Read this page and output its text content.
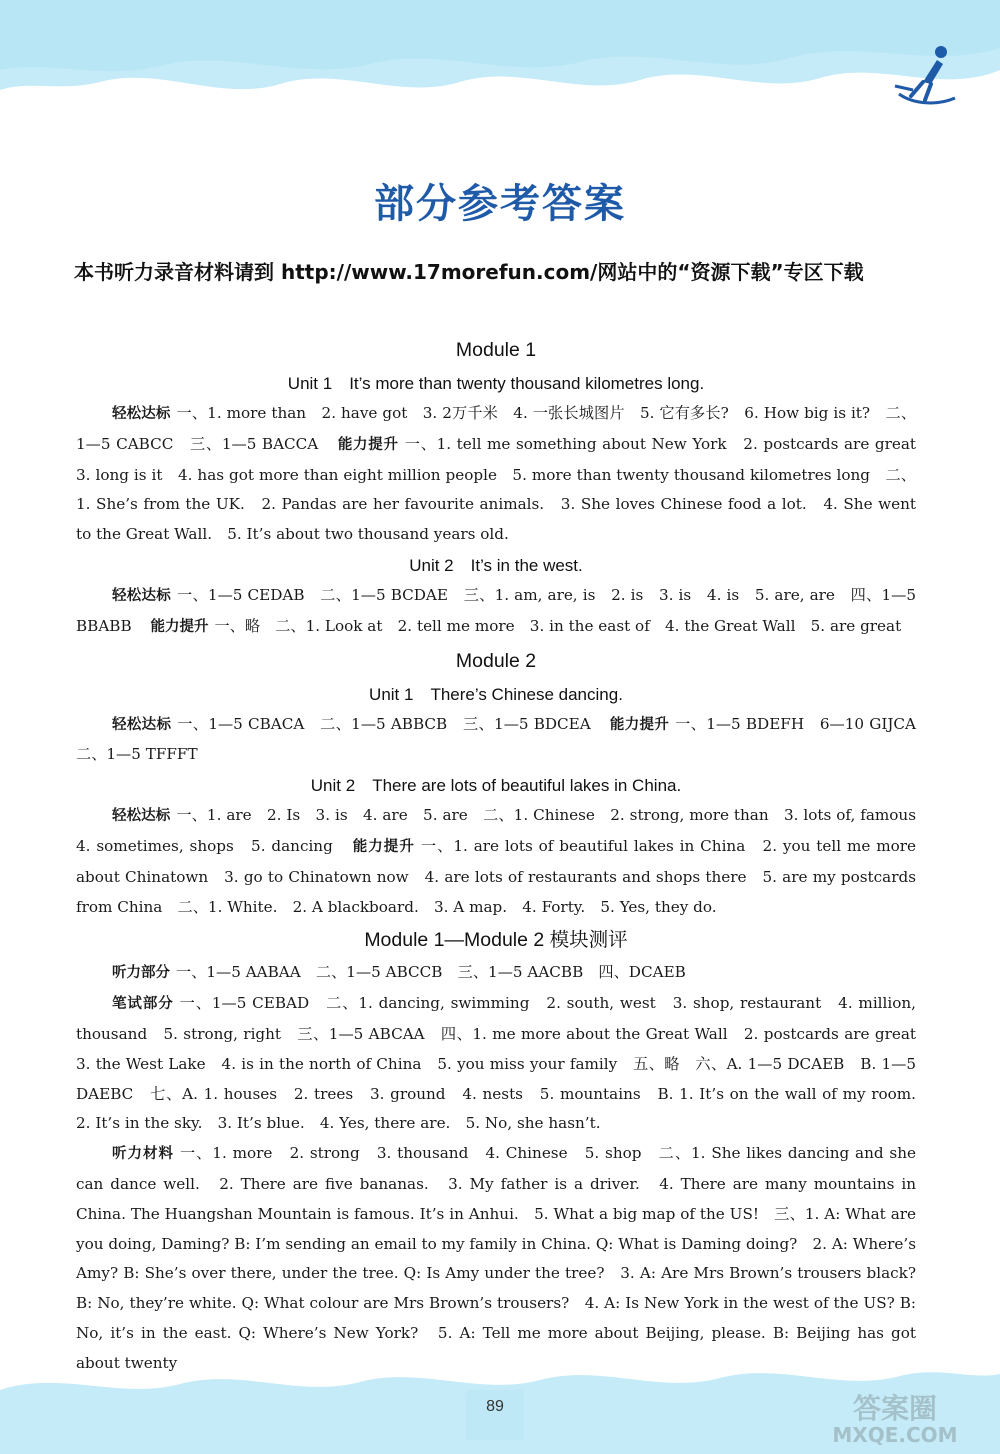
部分参考答案
本书听力录音材料请到 http://www.17morefun.com/网站中的“资源下载”专区下载
Module 1
Unit 1　It’s more than twenty thousand kilometres long.

轻松达标 一、1. more than　2. have got　3. 2万千米　4. 一张长城图片　5. 它有多长?　6. How big is it?　二、1—5 CABCC　三、1—5 BACCA 能力提升 一、1. tell me something about New York　2. postcards are great　3. long is it　4. has got more than eight million people　5. more than twenty thousand kilometres long　二、1. She’s from the UK.　2. Pandas are her favourite animals.　3. She loves Chinese food a lot.　4. She went to the Great Wall.　5. It’s about two thousand years old.

Unit 2　It’s in the west.

轻松达标 一、1—5 CEDAB　二、1—5 BCDAE　三、1. am, are, is　2. is　3. is　4. is　5. are, are　四、1—5 BBABB 能力提升 一、略　二、1. Look at　2. tell me more　3. in the east of　4. the Great Wall　5. are great

Module 2
Unit 1　There’s Chinese dancing.

轻松达标 一、1—5 CBACA　二、1—5 ABBCB　三、1—5 BDCEA 能力提升 一、1—5 BDEFH　6—10 GIJCA　二、1—5 TFFFT

Unit 2　There are lots of beautiful lakes in China.

轻松达标 一、1. are　2. Is　3. is　4. are　5. are　二、1. Chinese　2. strong, more than　3. lots of, famous　4. sometimes, shops　5. dancing 能力提升 一、1. are lots of beautiful lakes in China　2. you tell me more about Chinatown　3. go to Chinatown now　4. are lots of restaurants and shops there　5. are my postcards from China　二、1. White.　2. A blackboard.　3. A map.　4. Forty.　5. Yes, they do.

Module 1—Module 2 模块测评

听力部分 一、1—5 AABAA　二、1—5 ABCCB　三、1—5 AACBB　四、DCAEB

笔试部分 一、1—5 CEBAD　二、1. dancing, swimming　2. south, west　3. shop, restaurant　4. million, thousand　5. strong, right　三、1—5 ABCAA　四、1. me more about the Great Wall　2. postcards are great　3. the West Lake　4. is in the north of China　5. you miss your family　五、略　六、A. 1—5 DCAEB　B. 1—5 DAEBC　七、A. 1. houses　2. trees　3. ground　4. nests　5. mountains　B. 1. It’s on the wall of my room.　2. It’s in the sky.　3. It’s blue.　4. Yes, there are.　5. No, she hasn’t.

听力材料 一、1. more　2. strong　3. thousand　4. Chinese　5. shop　二、1. She likes dancing and she can dance well.　2. There are five bananas.　3. My father is a driver.　4. There are many mountains in China. The Huangshan Mountain is famous. It’s in Anhui.　5. What a big map of the US!　三、1. A: What are you doing, Daming? B: I’m sending an email to my family in China. Q: What is Daming doing?　2. A: Where’s Amy? B: She’s over there, under the tree. Q: Is Amy under the tree?　3. A: Are Mrs Brown’s trousers black? B: No, they’re white. Q: What colour are Mrs Brown’s trousers?　4. A: Is New York in the west of the US? B: No, it’s in the east. Q: Where’s New York?　5. A: Tell me more about Beijing, please. B: Beijing has got about twenty

89	答案圈
MXQE.COM
